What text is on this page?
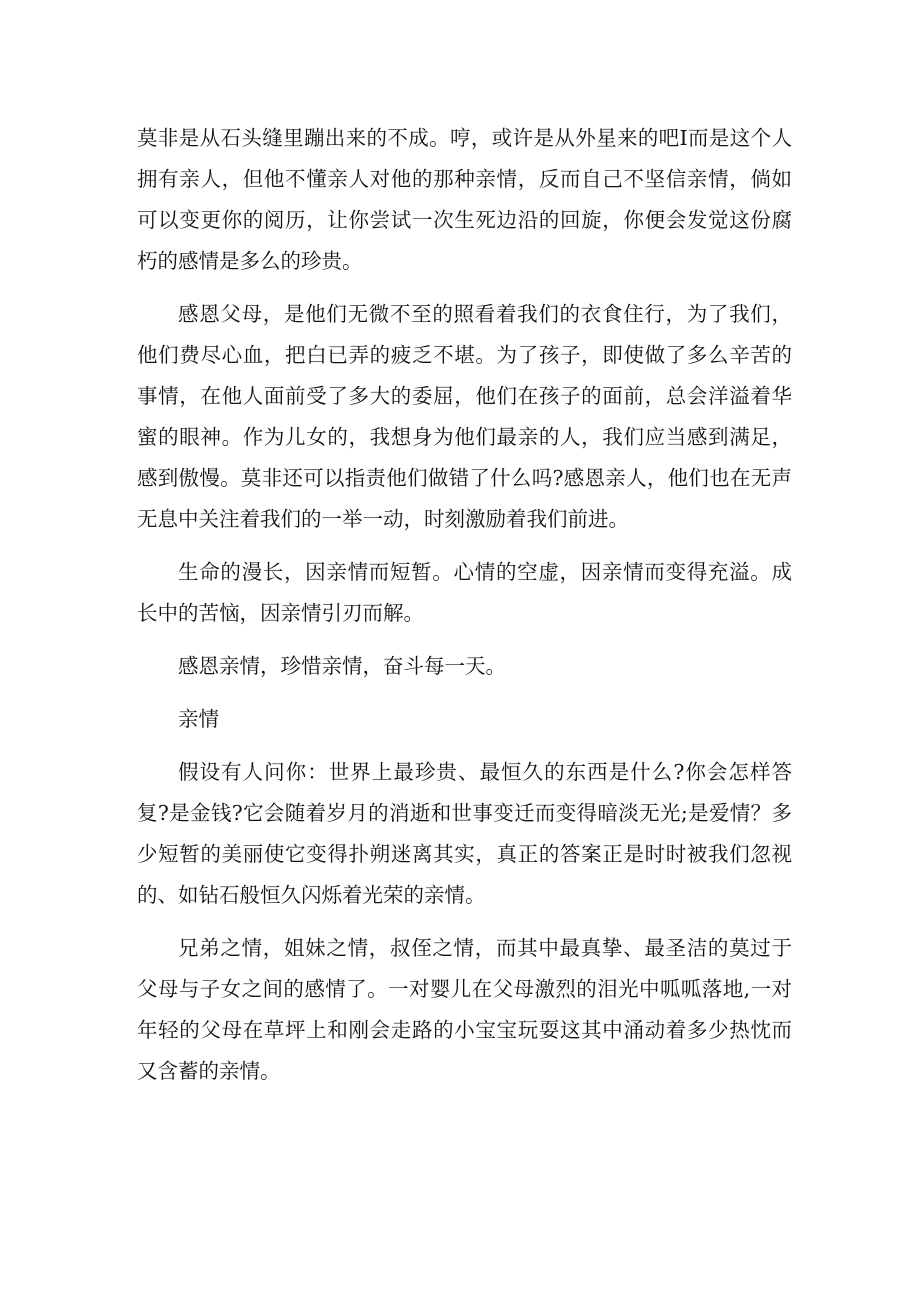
莫非是从石头缝里蹦出来的不成。哼，或许是从外星来的吧Ⅰ而是这个人拥有亲人，但他不懂亲人对他的那种亲情，反而自己不坚信亲情，倘如可以变更你的阅历，让你尝试一次生死边沿的回旋，你便会发觉这份腐朽的感情是多么的珍贵。

感恩父母，是他们无微不至的照看着我们的衣食住行，为了我们，他们费尽心血，把白已弄的疲乏不堪。为了孩子，即使做了多么辛苦的事情，在他人面前受了多大的委屈，他们在孩子的面前，总会洋溢着华蜜的眼神。作为儿女的，我想身为他们最亲的人，我们应当感到满足，感到傲慢。莫非还可以指责他们做错了什么吗?感恩亲人，他们也在无声无息中关注着我们的一举一动，时刻激励着我们前进。

生命的漫长，因亲情而短暂。心情的空虚，因亲情而变得充溢。成长中的苦恼，因亲情引刃而解。

感恩亲情，珍惜亲情，奋斗每一天。

亲情

假设有人问你：世界上最珍贵、最恒久的东西是什么?你会怎样答复?是金钱?它会随着岁月的消逝和世事变迁而变得暗淡无光;是爱情？多少短暂的美丽使它变得扑朔迷离其实，真正的答案正是时时被我们忽视的、如钻石般恒久闪烁着光荣的亲情。

兄弟之情，姐妹之情，叔侄之情，而其中最真挚、最圣洁的莫过于父母与子女之间的感情了。一对婴儿在父母激烈的泪光中呱呱落地,一对年轻的父母在草坪上和刚会走路的小宝宝玩耍这其中涌动着多少热忱而又含蓄的亲情。
